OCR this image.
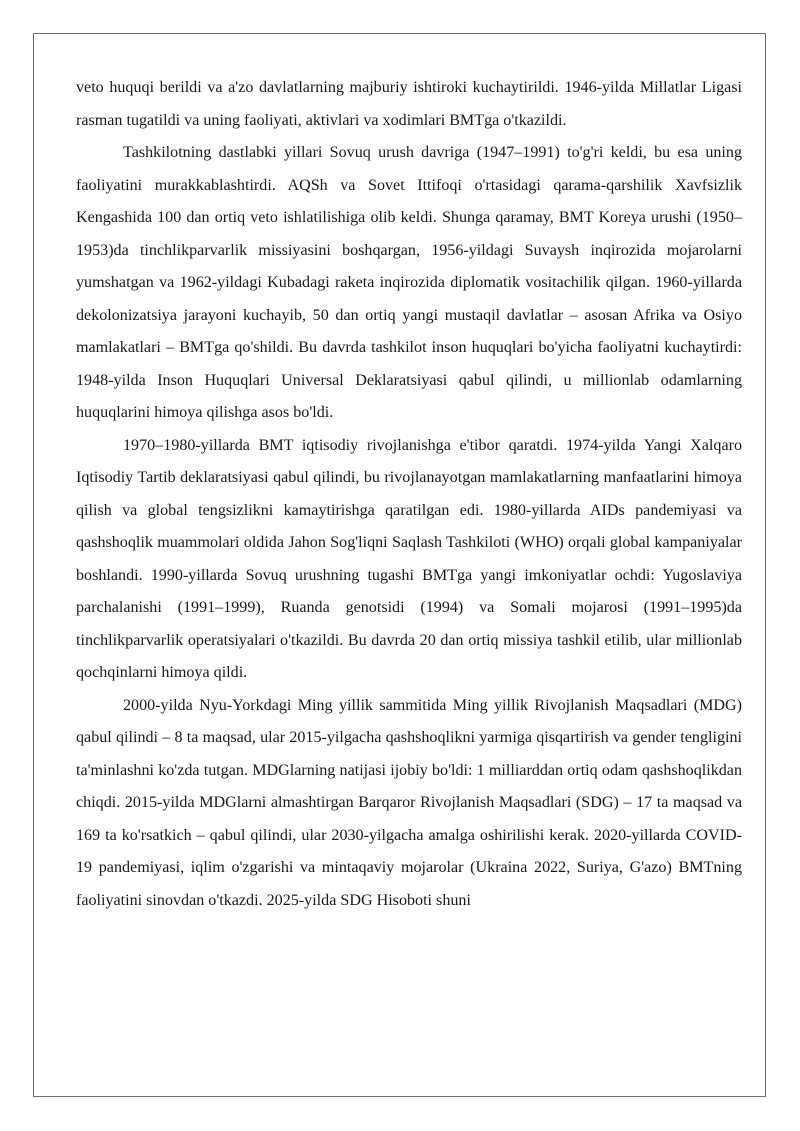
veto huquqi berildi va a'zo davlatlarning majburiy ishtiroki kuchaytirildi. 1946-yilda Millatlar Ligasi rasman tugatildi va uning faoliyati, aktivlari va xodimlari BMTga o'tkazildi.

Tashkilotning dastlabki yillari Sovuq urush davriga (1947–1991) to'g'ri keldi, bu esa uning faoliyatini murakkablashtirdi. AQSh va Sovet Ittifoqi o'rtasidagi qarama-qarshilik Xavfsizlik Kengashida 100 dan ortiq veto ishlatilishiga olib keldi. Shunga qaramay, BMT Koreya urushi (1950–1953)da tinchlikparvarlik missiyasini boshqargan, 1956-yildagi Suvaysh inqirozida mojarolarni yumshatgan va 1962-yildagi Kubadagi raketa inqirozida diplomatik vositachilik qilgan. 1960-yillarda dekolonizatsiya jarayoni kuchayib, 50 dan ortiq yangi mustaqil davlatlar – asosan Afrika va Osiyo mamlakatlari – BMTga qo'shildi. Bu davrda tashkilot inson huquqlari bo'yicha faoliyatni kuchaytirdi: 1948-yilda Inson Huquqlari Universal Deklaratsiyasi qabul qilindi, u millionlab odamlarning huquqlarini himoya qilishga asos bo'ldi.

1970–1980-yillarda BMT iqtisodiy rivojlanishga e'tibor qaratdi. 1974-yilda Yangi Xalqaro Iqtisodiy Tartib deklaratsiyasi qabul qilindi, bu rivojlanayotgan mamlakatlarning manfaatlarini himoya qilish va global tengsizlikni kamaytirishga qaratilgan edi. 1980-yillarda AIDs pandemiyasi va qashshoqlik muammolari oldida Jahon Sog'liqni Saqlash Tashkiloti (WHO) orqali global kampaniyalar boshlandi. 1990-yillarda Sovuq urushning tugashi BMTga yangi imkoniyatlar ochdi: Yugoslaviya parchalanishi (1991–1999), Ruanda genotsidi (1994) va Somali mojarosi (1991–1995)da tinchlikparvarlik operatsiyalari o'tkazildi. Bu davrda 20 dan ortiq missiya tashkil etilib, ular millionlab qochqinlarni himoya qildi.

2000-yilda Nyu-Yorkdagi Ming yillik sammitida Ming yillik Rivojlanish Maqsadlari (MDG) qabul qilindi – 8 ta maqsad, ular 2015-yilgacha qashshoqlikni yarmiga qisqartirish va gender tengligini ta'minlashni ko'zda tutgan. MDGlarning natijasi ijobiy bo'ldi: 1 milliarddan ortiq odam qashshoqlikdan chiqdi. 2015-yilda MDGlarni almashtirgan Barqaror Rivojlanish Maqsadlari (SDG) – 17 ta maqsad va 169 ta ko'rsatkich – qabul qilindi, ular 2030-yilgacha amalga oshirilishi kerak. 2020-yillarda COVID-19 pandemiyasi, iqlim o'zgarishi va mintaqaviy mojarolar (Ukraina 2022, Suriya, G'azo) BMTning faoliyatini sinovdan o'tkazdi. 2025-yilda SDG Hisoboti shuni
